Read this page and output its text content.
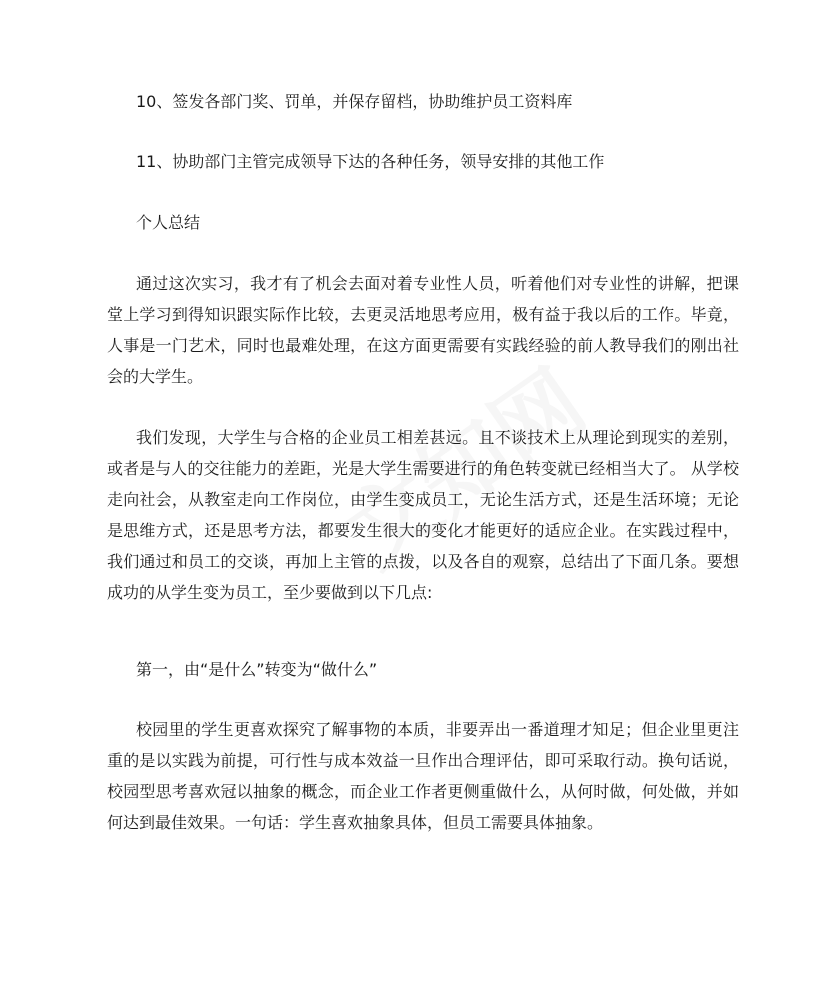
10、签发各部门奖、罚单，并保存留档，协助维护员工资料库

11、协助部门主管完成领导下达的各种任务，领导安排的其他工作

个人总结

通过这次实习，我才有了机会去面对着专业性人员，听着他们对专业性的讲解，把课堂上学习到得知识跟实际作比较，去更灵活地思考应用，极有益于我以后的工作。毕竟，人事是一门艺术，同时也最难处理，在这方面更需要有实践经验的前人教导我们的刚出社会的大学生。

我们发现，大学生与合格的企业员工相差甚远。且不谈技术上从理论到现实的差别，或者是与人的交往能力的差距，光是大学生需要进行的角色转变就已经相当大了。 从学校走向社会，从教室走向工作岗位，由学生变成员工，无论生活方式，还是生活环境；无论是思维方式，还是思考方法，都要发生很大的变化才能更好的适应企业。在实践过程中，我们通过和员工的交谈，再加上主管的点拨，以及各自的观察，总结出了下面几条。要想成功的从学生变为员工，至少要做到以下几点:

第一，由“是什么”转变为“做什么”

校园里的学生更喜欢探究了解事物的本质，非要弄出一番道理才知足；但企业里更注重的是以实践为前提，可行性与成本效益一旦作出合理评估，即可采取行动。换句话说，校园型思考喜欢冠以抽象的概念，而企业工作者更侧重做什么，从何时做，何处做，并如何达到最佳效果。一句话：学生喜欢抽象具体，但员工需要具体抽象。
